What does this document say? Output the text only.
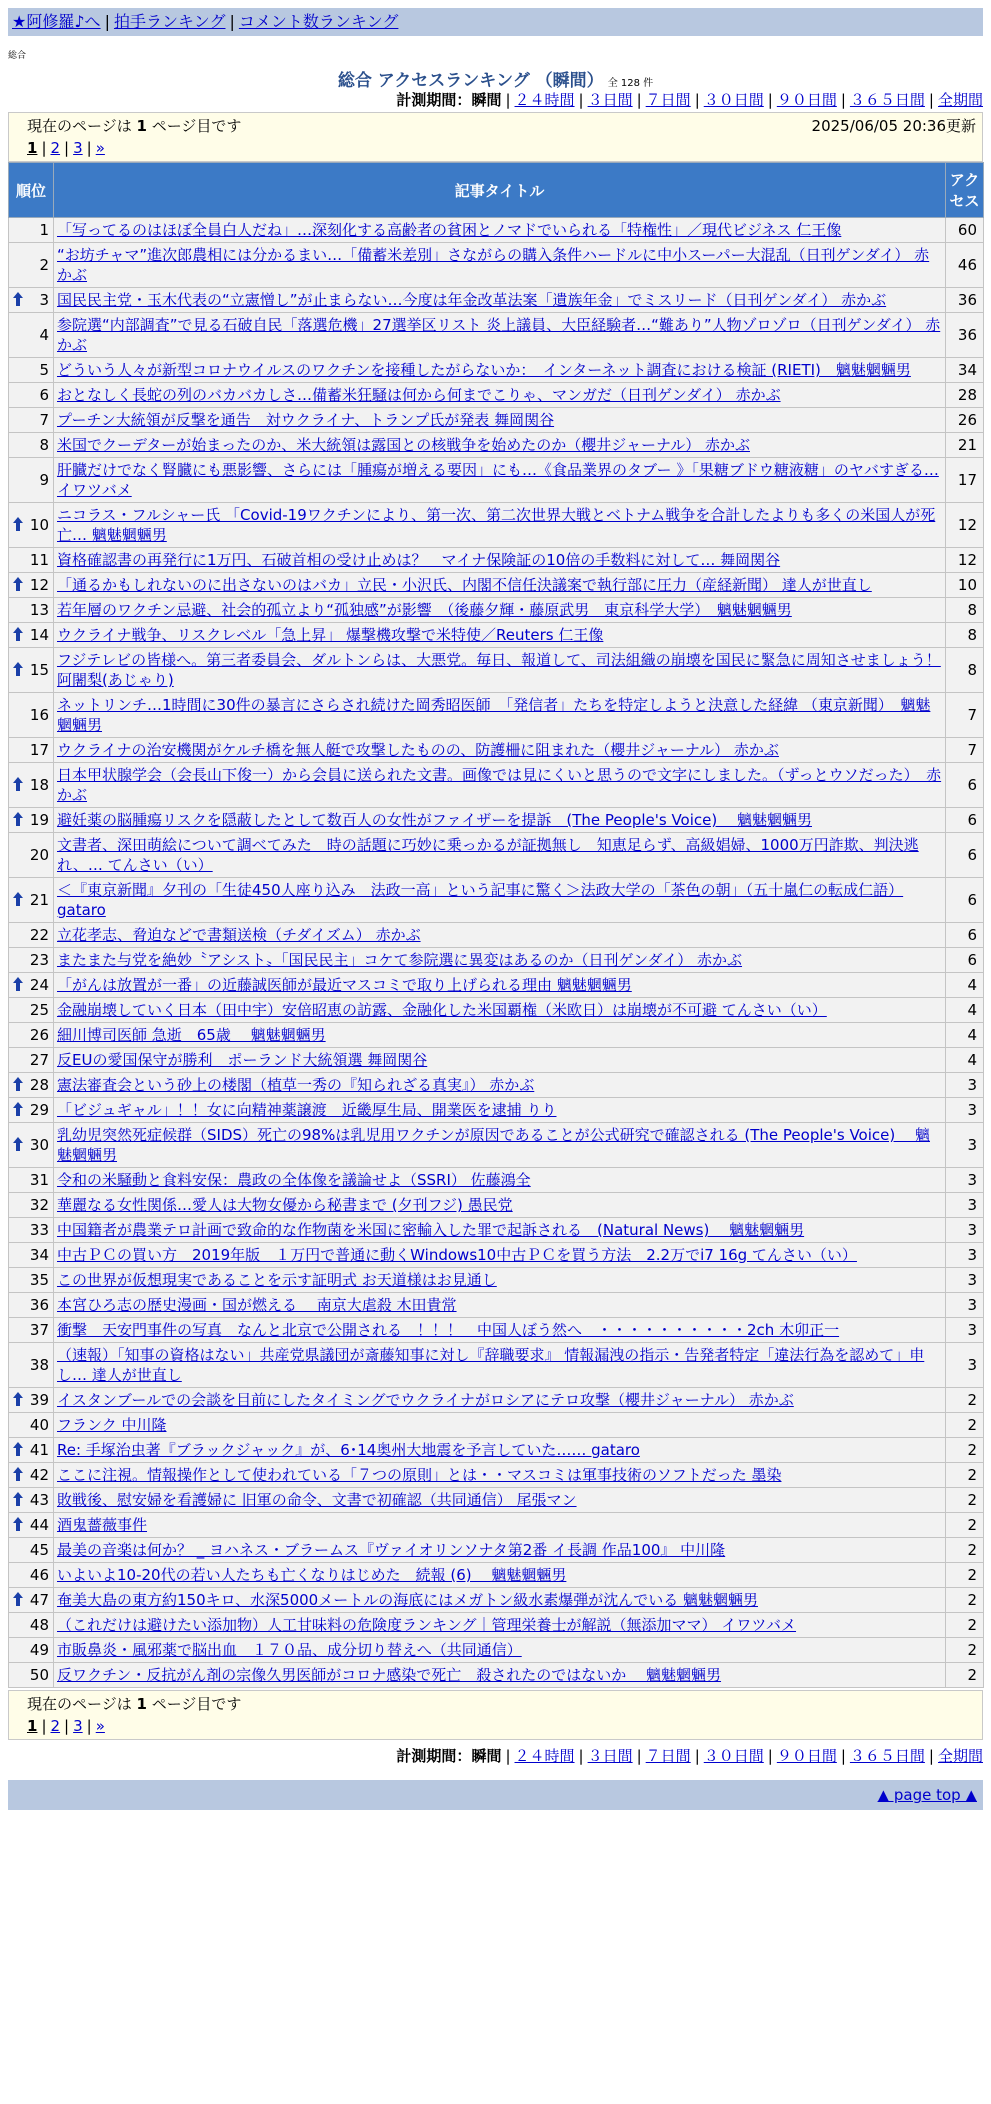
★阿修羅♪へ | 拍手ランキング | コメント数ランキング
総合
総合 アクセスランキング （瞬間） 全 128 件
計測期間：瞬間 | ２４時間 | ３日間 | ７日間 | ３０日間 | ９０日間 | ３６５日間 | 全期間
現在のページは 1 ページ目です	2025/06/05 20:36更新
1 | 2 | 3 | »
順位	記事タイトル	アクセス
1	「写ってるのはほぼ全員白人だね」…深刻化する高齢者の貧困とノマドでいられる「特権性」／現代ビジネス 仁王像	60
2	“お坊チャマ”進次郎農相には分かるまい…「備蓄米差別」さながらの購入条件ハードルに中小スーパー大混乱（日刊ゲンダイ） 赤かぶ	46

3	国民民主党・玉木代表の“立憲憎し”が止まらない…今度は年金改革法案「遺族年金」でミスリード（日刊ゲンダイ） 赤かぶ	36
4	参院選“内部調査”で見る石破自民「落選危機」27選挙区リスト 炎上議員、大臣経験者…“難あり”人物ゾロゾロ（日刊ゲンダイ） 赤かぶ	36
5	どういう人々が新型コロナウイルスのワクチンを接種したがらないか：　インターネット調査における検証 (RIETI)　魑魅魍魎男	34
6	おとなしく長蛇の列のバカバカしさ…備蓄米狂騒は何から何までこりゃ、マンガだ（日刊ゲンダイ） 赤かぶ	28
7	プーチン大統領が反撃を通告　対ウクライナ、トランプ氏が発表 舞岡関谷	26
8	米国でクーデターが始まったのか、米大統領は露国との核戦争を始めたのか（櫻井ジャーナル） 赤かぶ	21
9	肝臓だけでなく腎臓にも悪影響、さらには「腫瘍が増える要因」にも…《食品業界のタブー 》「果糖ブドウ糖液糖」のヤバすぎる… イワツバメ	17

10	ニコラス・フルシャー氏 「Covid-19ワクチンにより、第一次、第二次世界大戦とベトナム戦争を合計したよりも多くの米国人が死亡… 魑魅魍魎男	12
11	資格確認書の再発行に1万円、石破首相の受け止めは？　マイナ保険証の10倍の手数料に対して… 舞岡関谷	12

12	「通るかもしれないのに出さないのはバカ」立民・小沢氏、内閣不信任決議案で執行部に圧力（産経新聞） 達人が世直し	10
13	若年層のワクチン忌避、社会的孤立より“孤独感”が影響　（後藤夕輝・藤原武男　東京科学大学）　魑魅魍魎男	8

14	ウクライナ戦争、リスクレベル「急上昇」 爆撃機攻撃で米特使／Reuters 仁王像	8

15	フジテレビの皆様へ。第三者委員会、ダルトンらは、大悪党。毎日、報道して、司法組織の崩壊を国民に緊急に周知させましょう！ 阿闍梨(あじゃり)	8
16	ネットリンチ…1時間に30件の暴言にさらされ続けた岡秀昭医師　「発信者」たちを特定しようと決意した経緯 （東京新聞）　魑魅魍魎男	7
17	ウクライナの治安機関がケルチ橋を無人艇で攻撃したものの、防護柵に阻まれた（櫻井ジャーナル） 赤かぶ	7

18	日本甲状腺学会（会長山下俊一）から会員に送られた文書。画像では見にくいと思うので文字にしました。（ずっとウソだった）　赤かぶ	6

19	避妊薬の脳腫瘍リスクを隠蔽したとして数百人の女性がファイザーを提訴　(The People's Voice)　 魑魅魍魎男	6
20	文書者、深田萌絵について調べてみた　時の話題に巧妙に乗っかるが証拠無し　知恵足らず、高級娼婦、1000万円詐欺、判決逃れ、… てんさい（い）	6

21	＜『東京新聞』夕刊の「生徒450人座り込み　法政一高」という記事に驚く＞法政大学の「茶色の朝」（五十嵐仁の転成仁語） gataro	6
22	立花孝志、脅迫などで書類送検（チダイズム） 赤かぶ	6
23	またまた与党を絶妙〝アシスト〟「国民民主」コケて参院選に異変はあるのか（日刊ゲンダイ） 赤かぶ	6

24	「がんは放置が一番」の近藤誠医師が最近マスコミで取り上げられる理由 魑魅魍魎男	4
25	金融崩壊していく日本（田中宇）安倍昭恵の訪露、金融化した米国覇権（米欧日）は崩壊が不可避 てんさい（い）	4
26	細川博司医師 急逝　65歳　 魑魅魍魎男	4
27	反EUの愛国保守が勝利　ポーランド大統領選 舞岡関谷	4

28	憲法審査会という砂上の楼閣（植草一秀の『知られざる真実』） 赤かぶ	3

29	「ビジュギャル」！！女に向精神薬譲渡　近畿厚生局、開業医を逮捕 りり	3

30	乳幼児突然死症候群（SIDS）死亡の98%は乳児用ワクチンが原因であることが公式研究で確認される (The People's Voice)　 魑魅魍魎男	3
31	令和の米騒動と食料安保：農政の全体像を議論せよ（SSRI） 佐藤鴻全	3
32	華麗なる女性関係…愛人は大物女優から秘書まで (夕刊フジ) 愚民党	3
33	中国籍者が農業テロ計画で致命的な作物菌を米国に密輸入した罪で起訴される　(Natural News)　 魑魅魍魎男	3
34	中古ＰＣの買い方　2019年版　１万円で普通に動くWindows10中古ＰＣを買う方法　2.2万でi7 16g てんさい（い）	3
35	この世界が仮想現実であることを示す証明式 お天道様はお見通し	3
36	本宮ひろ志の歴史漫画・国が燃える　 南京大虐殺 木田貴常	3
37	衝撃　天安門事件の写真　なんと北京で公開される　！！！　中国人ぼう然へ　・・・・・・・・・・2ch 木卯正一	3
38	（速報）「知事の資格はない」共産党県議団が斎藤知事に対し『辞職要求』 情報漏洩の指示・告発者特定「違法行為を認めて」申し… 達人が世直し	3

39	イスタンブールでの会談を目前にしたタイミングでウクライナがロシアにテロ攻撃（櫻井ジャーナル） 赤かぶ	2
40	フランク 中川隆	2

41	Re: 手塚治虫著『ブラックジャック』が、6･14奥州大地震を予言していた…… gataro	2

42	ここに注視。情報操作として使われている「７つの原則」とは・・マスコミは軍事技術のソフトだった 墨染	2

43	敗戦後、慰安婦を看護婦に 旧軍の命令、文書で初確認（共同通信） 尾張マン	2

44	酒鬼薔薇事件	2
45	最美の音楽は何か？ _ ヨハネス・ブラームス『ヴァイオリンソナタ第2番 イ長調 作品100』 中川隆	2
46	いよいよ10-20代の若い人たちも亡くなりはじめた　続報 (6)　 魑魅魍魎男	2

47	奄美大島の東方約150キロ、水深5000メートルの海底にはメガトン級水素爆弾が沈んでいる 魑魅魍魎男	2
48	（これだけは避けたい添加物）人工甘味料の危険度ランキング｜管理栄養士が解説（無添加ママ） イワツバメ	2
49	市販鼻炎・風邪薬で脳出血　１７０品、成分切り替えへ（共同通信）	2
50	反ワクチン・反抗がん剤の宗像久男医師がコロナ感染で死亡　殺されたのではないか　 魑魅魍魎男	2
現在のページは 1 ページ目です
1 | 2 | 3 | »
計測期間：瞬間 | ２４時間 | ３日間 | ７日間 | ３０日間 | ９０日間 | ３６５日間 | 全期間
▲ page top ▲
